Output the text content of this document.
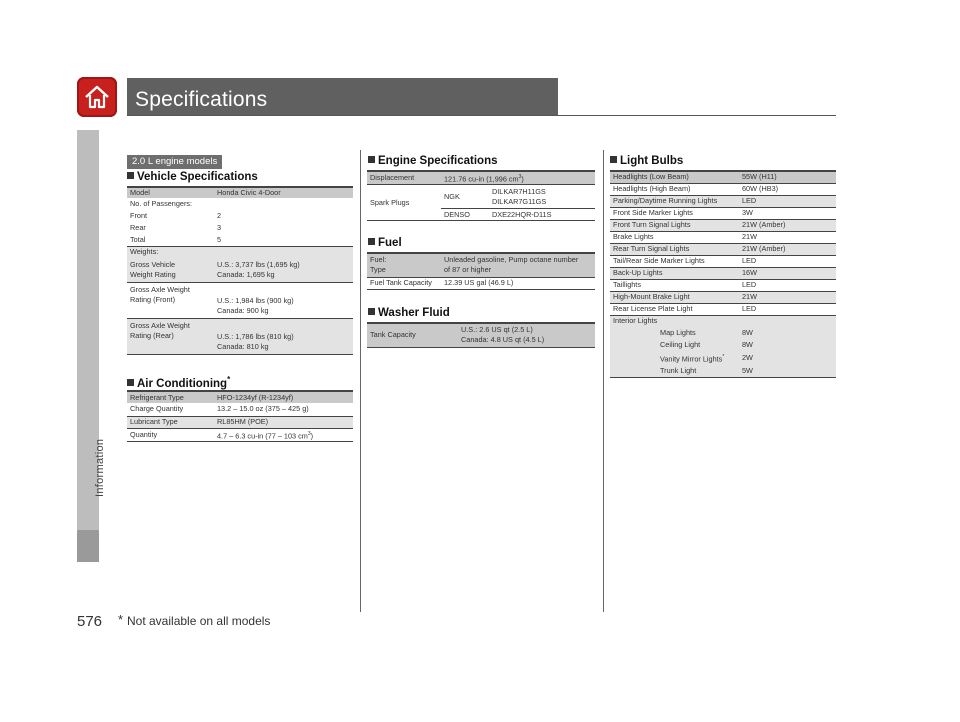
Specifications
Information
576 * Not available on all models
2.0 L engine models
Vehicle Specifications
Model	Honda Civic 4-Door
No. of Passengers:	
Front	2
Rear	3
Total	5
Weights:	
Gross Vehicle
Weight Rating	U.S.: 3,737 lbs (1,695 kg)
Canada: 1,695 kg
Gross Axle Weight
Rating (Front)	U.S.: 1,984 lbs (900 kg)
Canada: 900 kg
Gross Axle Weight
Rating (Rear)	U.S.: 1,786 lbs (810 kg)
Canada: 810 kg
Air Conditioning*
Refrigerant Type	HFO-1234yf (R-1234yf)
Charge Quantity	13.2 – 15.0 oz (375 – 425 g)
Lubricant Type	RL85HM (POE)
Quantity	4.7 – 6.3 cu-in (77 – 103 $cm^3$)
Engine Specifications
Displacement	121.76 cu-in (1,996 $cm^3$)	
Spark Plugs	NGK	DILKAR7H11GS
DILKAR7G11GS
	DENSO	DXE22HQR-D11S
Fuel
Fuel:
Type	Unleaded gasoline, Pump octane number
of 87 or higher
Fuel Tank Capacity	12.39 US gal (46.9 L)
Washer Fluid
Tank Capacity	U.S.: 2.6 US qt (2.5 L)
Canada: 4.8 US qt (4.5 L)
Light Bulbs
Headlights (Low Beam)	55W (H11)
Headlights (High Beam)	60W (HB3)
Parking/Daytime Running Lights	LED
Front Side Marker Lights	3W
Front Turn Signal Lights	21W (Amber)
Brake Lights	21W
Rear Turn Signal Lights	21W (Amber)
Tail/Rear Side Marker Lights	LED
Back-Up Lights	16W
Taillights	LED
High-Mount Brake Light	21W
Rear License Plate Light	LED
Interior Lights	
Map Lights	8W
Ceiling Light	8W
Vanity Mirror Lights*	2W
Trunk Light	5W
